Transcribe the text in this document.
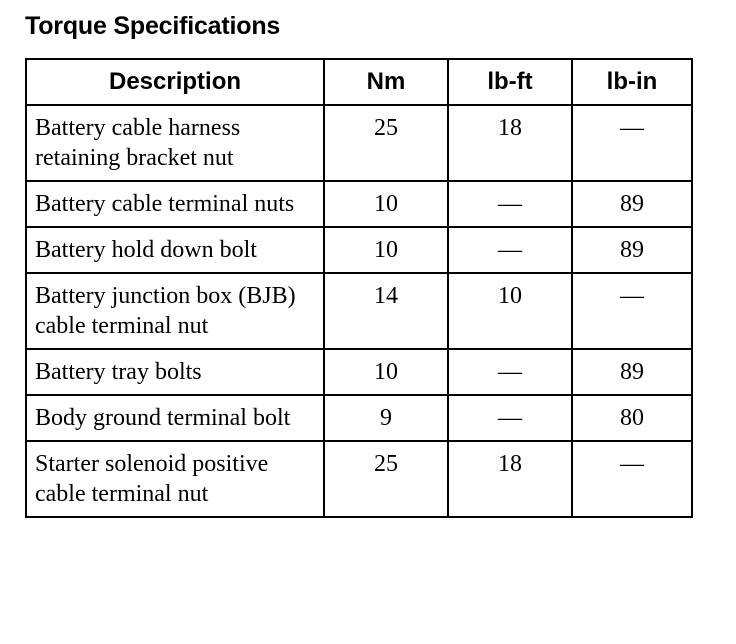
Torque Specifications
Description	Nm	lb-ft	lb-in
Battery cable harness retaining bracket nut	25	18	—
Battery cable terminal nuts	10	—	89
Battery hold down bolt	10	—	89
Battery junction box (BJB) cable terminal nut	14	10	—
Battery tray bolts	10	—	89
Body ground terminal bolt	9	—	80
Starter solenoid positive cable terminal nut	25	18	—
